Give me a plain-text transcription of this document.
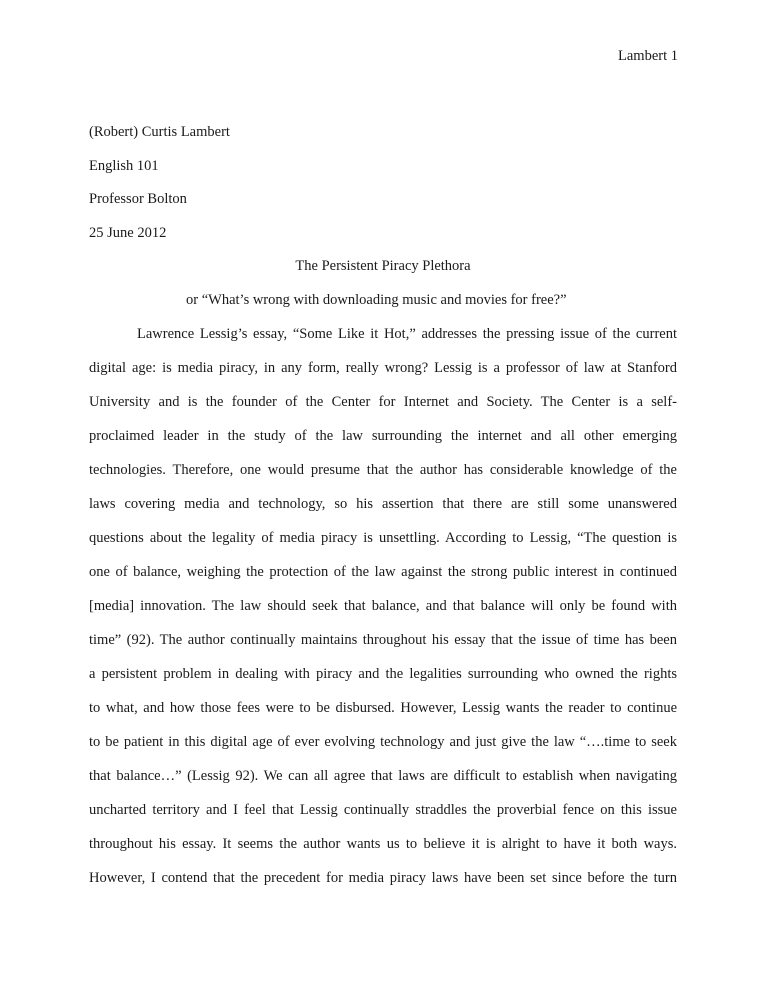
Lambert 1
(Robert) Curtis Lambert
English 101
Professor Bolton
25 June 2012
The Persistent Piracy Plethora
or “What’s wrong with downloading music and movies for free?”
Lawrence Lessig’s essay, “Some Like it Hot,” addresses the pressing issue of the current
digital age: is media piracy, in any form, really wrong? Lessig is a professor of law at Stanford
University and is the founder of the Center for Internet and Society. The Center is a self-
proclaimed leader in the study of the law surrounding the internet and all other emerging
technologies. Therefore, one would presume that the author has considerable knowledge of the
laws covering media and technology, so his assertion that there are still some unanswered
questions about the legality of media piracy is unsettling. According to Lessig, “The question is
one of balance, weighing the protection of the law against the strong public interest in continued
[media] innovation. The law should seek that balance, and that balance will only be found with
time” (92). The author continually maintains throughout his essay that the issue of time has been
a persistent problem in dealing with piracy and the legalities surrounding who owned the rights
to what, and how those fees were to be disbursed. However, Lessig wants the reader to continue
to be patient in this digital age of ever evolving technology and just give the law “….time to seek
that balance…” (Lessig 92). We can all agree that laws are difficult to establish when navigating
uncharted territory and I feel that Lessig continually straddles the proverbial fence on this issue
throughout his essay. It seems the author wants us to believe it is alright to have it both ways.
However, I contend that the precedent for media piracy laws have been set since before the turn
